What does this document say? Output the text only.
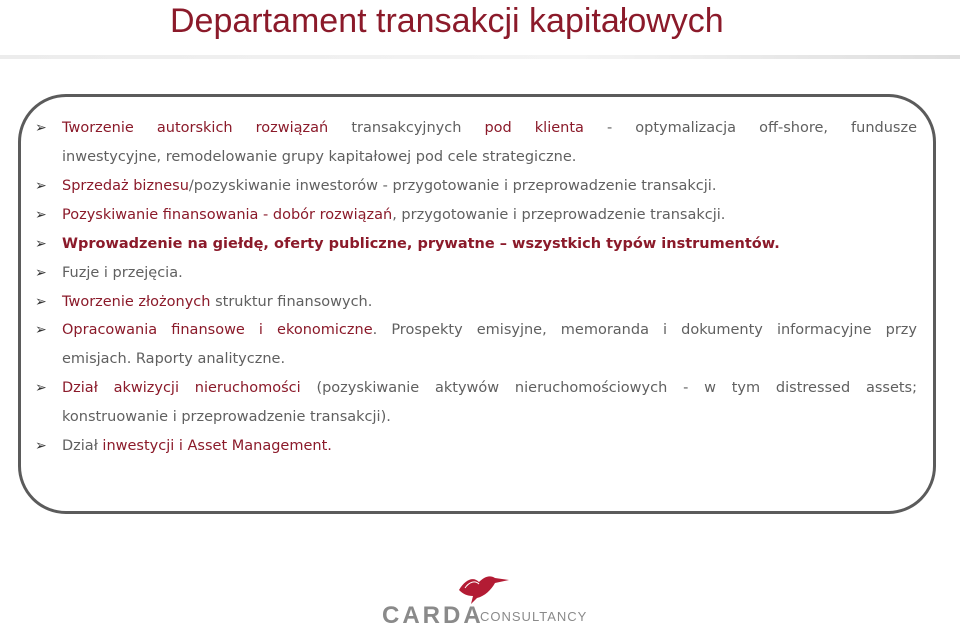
Departament transakcji kapitałowych
➢ Tworzenie autorskich rozwiązań transakcyjnych pod klienta - optymalizacja off-shore, fundusze
inwestycyjne, remodelowanie grupy kapitałowej pod cele strategiczne.
➢ Sprzedaż biznesu/pozyskiwanie inwestorów - przygotowanie i przeprowadzenie transakcji.
➢ Pozyskiwanie finansowania - dobór rozwiązań, przygotowanie i przeprowadzenie transakcji.
➢ Wprowadzenie na giełdę, oferty publiczne, prywatne – wszystkich typów instrumentów.
➢ Fuzje i przejęcia.
➢ Tworzenie złożonych struktur finansowych.
➢ Opracowania finansowe i ekonomiczne. Prospekty emisyjne, memoranda i dokumenty informacyjne przy
emisjach. Raporty analityczne.
➢ Dział akwizycji nieruchomości (pozyskiwanie aktywów nieruchomościowych - w tym distressed assets;
konstruowanie i przeprowadzenie transakcji).
➢ Dział inwestycji i Asset Management.
CARDA
CONSULTANCY
